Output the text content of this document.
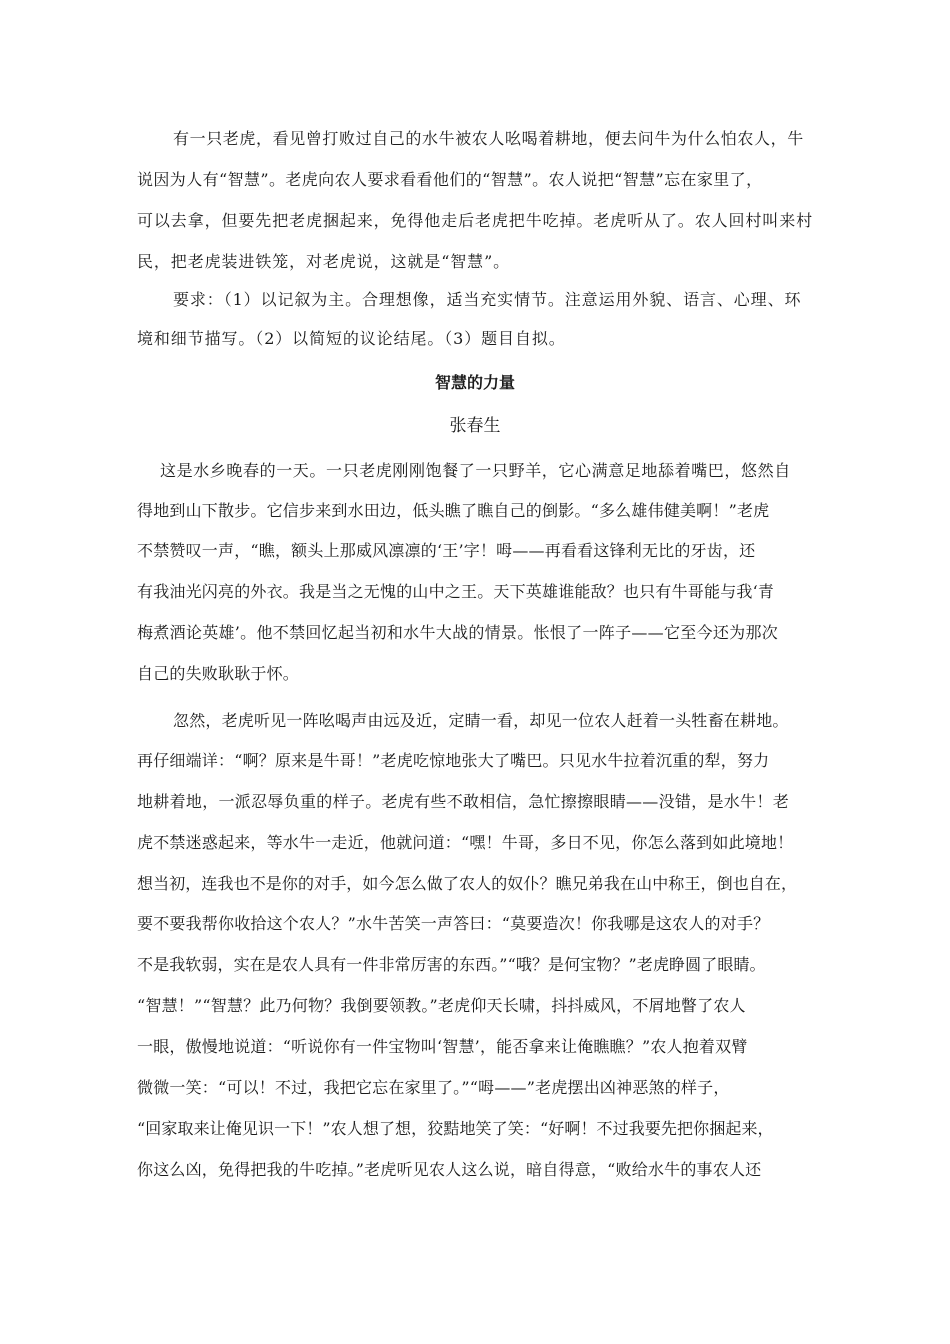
有一只老虎，看见曾打败过自己的水牛被农人吆喝着耕地，便去问牛为什么怕农人，牛
说因为人有“智慧”。老虎向农人要求看看他们的“智慧”。农人说把“智慧”忘在家里了，
可以去拿，但要先把老虎捆起来，免得他走后老虎把牛吃掉。老虎听从了。农人回村叫来村
民，把老虎装进铁笼，对老虎说，这就是“智慧”。
要求：（1）以记叙为主。合理想像，适当充实情节。注意运用外貌、语言、心理、环
境和细节描写。（2）以简短的议论结尾。（3）题目自拟。
智慧的力量
张春生
这是水乡晚春的一天。一只老虎刚刚饱餐了一只野羊，它心满意足地舔着嘴巴，悠然自
得地到山下散步。它信步来到水田边，低头瞧了瞧自己的倒影。“多么雄伟健美啊！”老虎
不禁赞叹一声，“瞧，额头上那威风凛凛的‘王’字！呣——再看看这锋利无比的牙齿，还
有我油光闪亮的外衣。我是当之无愧的山中之王。天下英雄谁能敌？也只有牛哥能与我‘青
梅煮酒论英雄’。他不禁回忆起当初和水牛大战的情景。怅恨了一阵子——它至今还为那次
自己的失败耿耿于怀。
忽然，老虎听见一阵吆喝声由远及近，定睛一看，却见一位农人赶着一头牲畜在耕地。
再仔细端详：“啊？原来是牛哥！”老虎吃惊地张大了嘴巴。只见水牛拉着沉重的犁，努力
地耕着地，一派忍辱负重的样子。老虎有些不敢相信，急忙擦擦眼睛——没错，是水牛！老
虎不禁迷惑起来，等水牛一走近，他就问道：“嘿！牛哥，多日不见，你怎么落到如此境地！
想当初，连我也不是你的对手，如今怎么做了农人的奴仆？瞧兄弟我在山中称王，倒也自在，
要不要我帮你收拾这个农人？”水牛苦笑一声答曰：“莫要造次！你我哪是这农人的对手？
不是我软弱，实在是农人具有一件非常厉害的东西。”“哦？是何宝物？”老虎睁圆了眼睛。
“智慧！”“智慧？此乃何物？我倒要领教。”老虎仰天长啸，抖抖威风，不屑地瞥了农人
一眼，傲慢地说道：“听说你有一件宝物叫‘智慧’，能否拿来让俺瞧瞧？”农人抱着双臂
微微一笑：“可以！不过，我把它忘在家里了。”“呣——”老虎摆出凶神恶煞的样子，
“回家取来让俺见识一下！”农人想了想，狡黠地笑了笑：“好啊！不过我要先把你捆起来，
你这么凶，免得把我的牛吃掉。”老虎听见农人这么说，暗自得意，“败给水牛的事农人还
